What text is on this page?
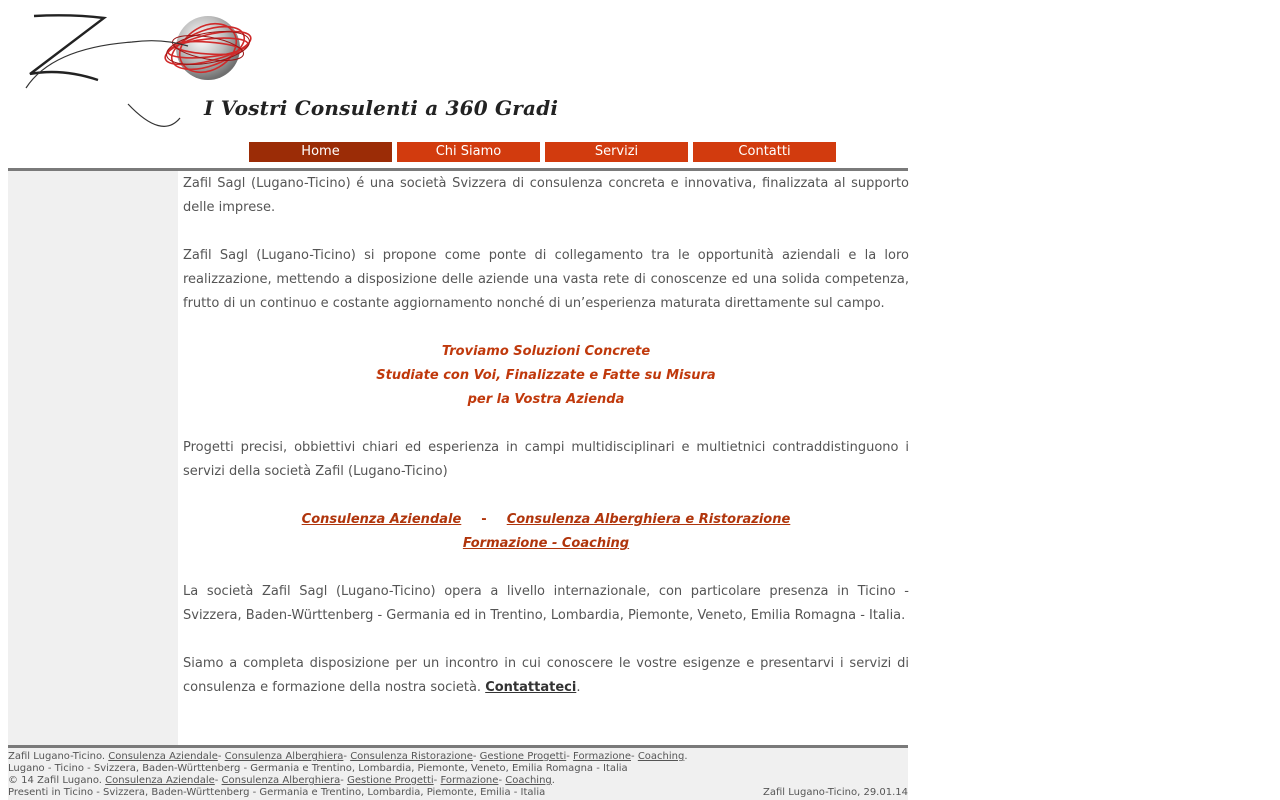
I Vostri Consulenti a 360 Gradi
Home	Chi Siamo	Servizi	Contatti

Zafil Sagl (Lugano-Ticino) é una società Svizzera di consulenza concreta e innovativa, finalizzata al supporto delle imprese.

Zafil Sagl (Lugano-Ticino) si propone come ponte di collegamento tra le opportunità aziendali e la loro realizzazione, mettendo a disposizione delle aziende una vasta rete di conoscenze ed una solida competenza, frutto di un continuo e costante aggiornamento nonché di un’esperienza maturata direttamente sul campo.

Troviamo Soluzioni Concrete
Studiate con Voi, Finalizzate e Fatte su Misura
per la Vostra Azienda

Progetti precisi, obbiettivi chiari ed esperienza in campi multidisciplinari e multietnici contraddistinguono i servizi della società Zafil (Lugano-Ticino)

Consulenza Aziendale - Consulenza Alberghiera e Ristorazione
Formazione - Coaching

La società Zafil Sagl (Lugano-Ticino) opera a livello internazionale, con particolare presenza in Ticino - Svizzera, Baden-Württenberg - Germania ed in Trentino, Lombardia, Piemonte, Veneto, Emilia Romagna - Italia.

Siamo a completa disposizione per un incontro in cui conoscere le vostre esigenze e presentarvi i servizi di consulenza e formazione della nostra società. Contattateci.

Zafil Lugano-Ticino. Consulenza Aziendale- Consulenza Alberghiera- Consulenza Ristorazione- Gestione Progetti- Formazione- Coaching.
Lugano - Ticino - Svizzera, Baden-Württenberg - Germania e Trentino, Lombardia, Piemonte, Veneto, Emilia Romagna - Italia
© 14 Zafil Lugano. Consulenza Aziendale- Consulenza Alberghiera- Gestione Progetti- Formazione- Coaching.
Presenti in Ticino - Svizzera, Baden-Württenberg - Germania e Trentino, Lombardia, Piemonte, Emilia - Italia	Zafil Lugano-Ticino, 29.01.14
